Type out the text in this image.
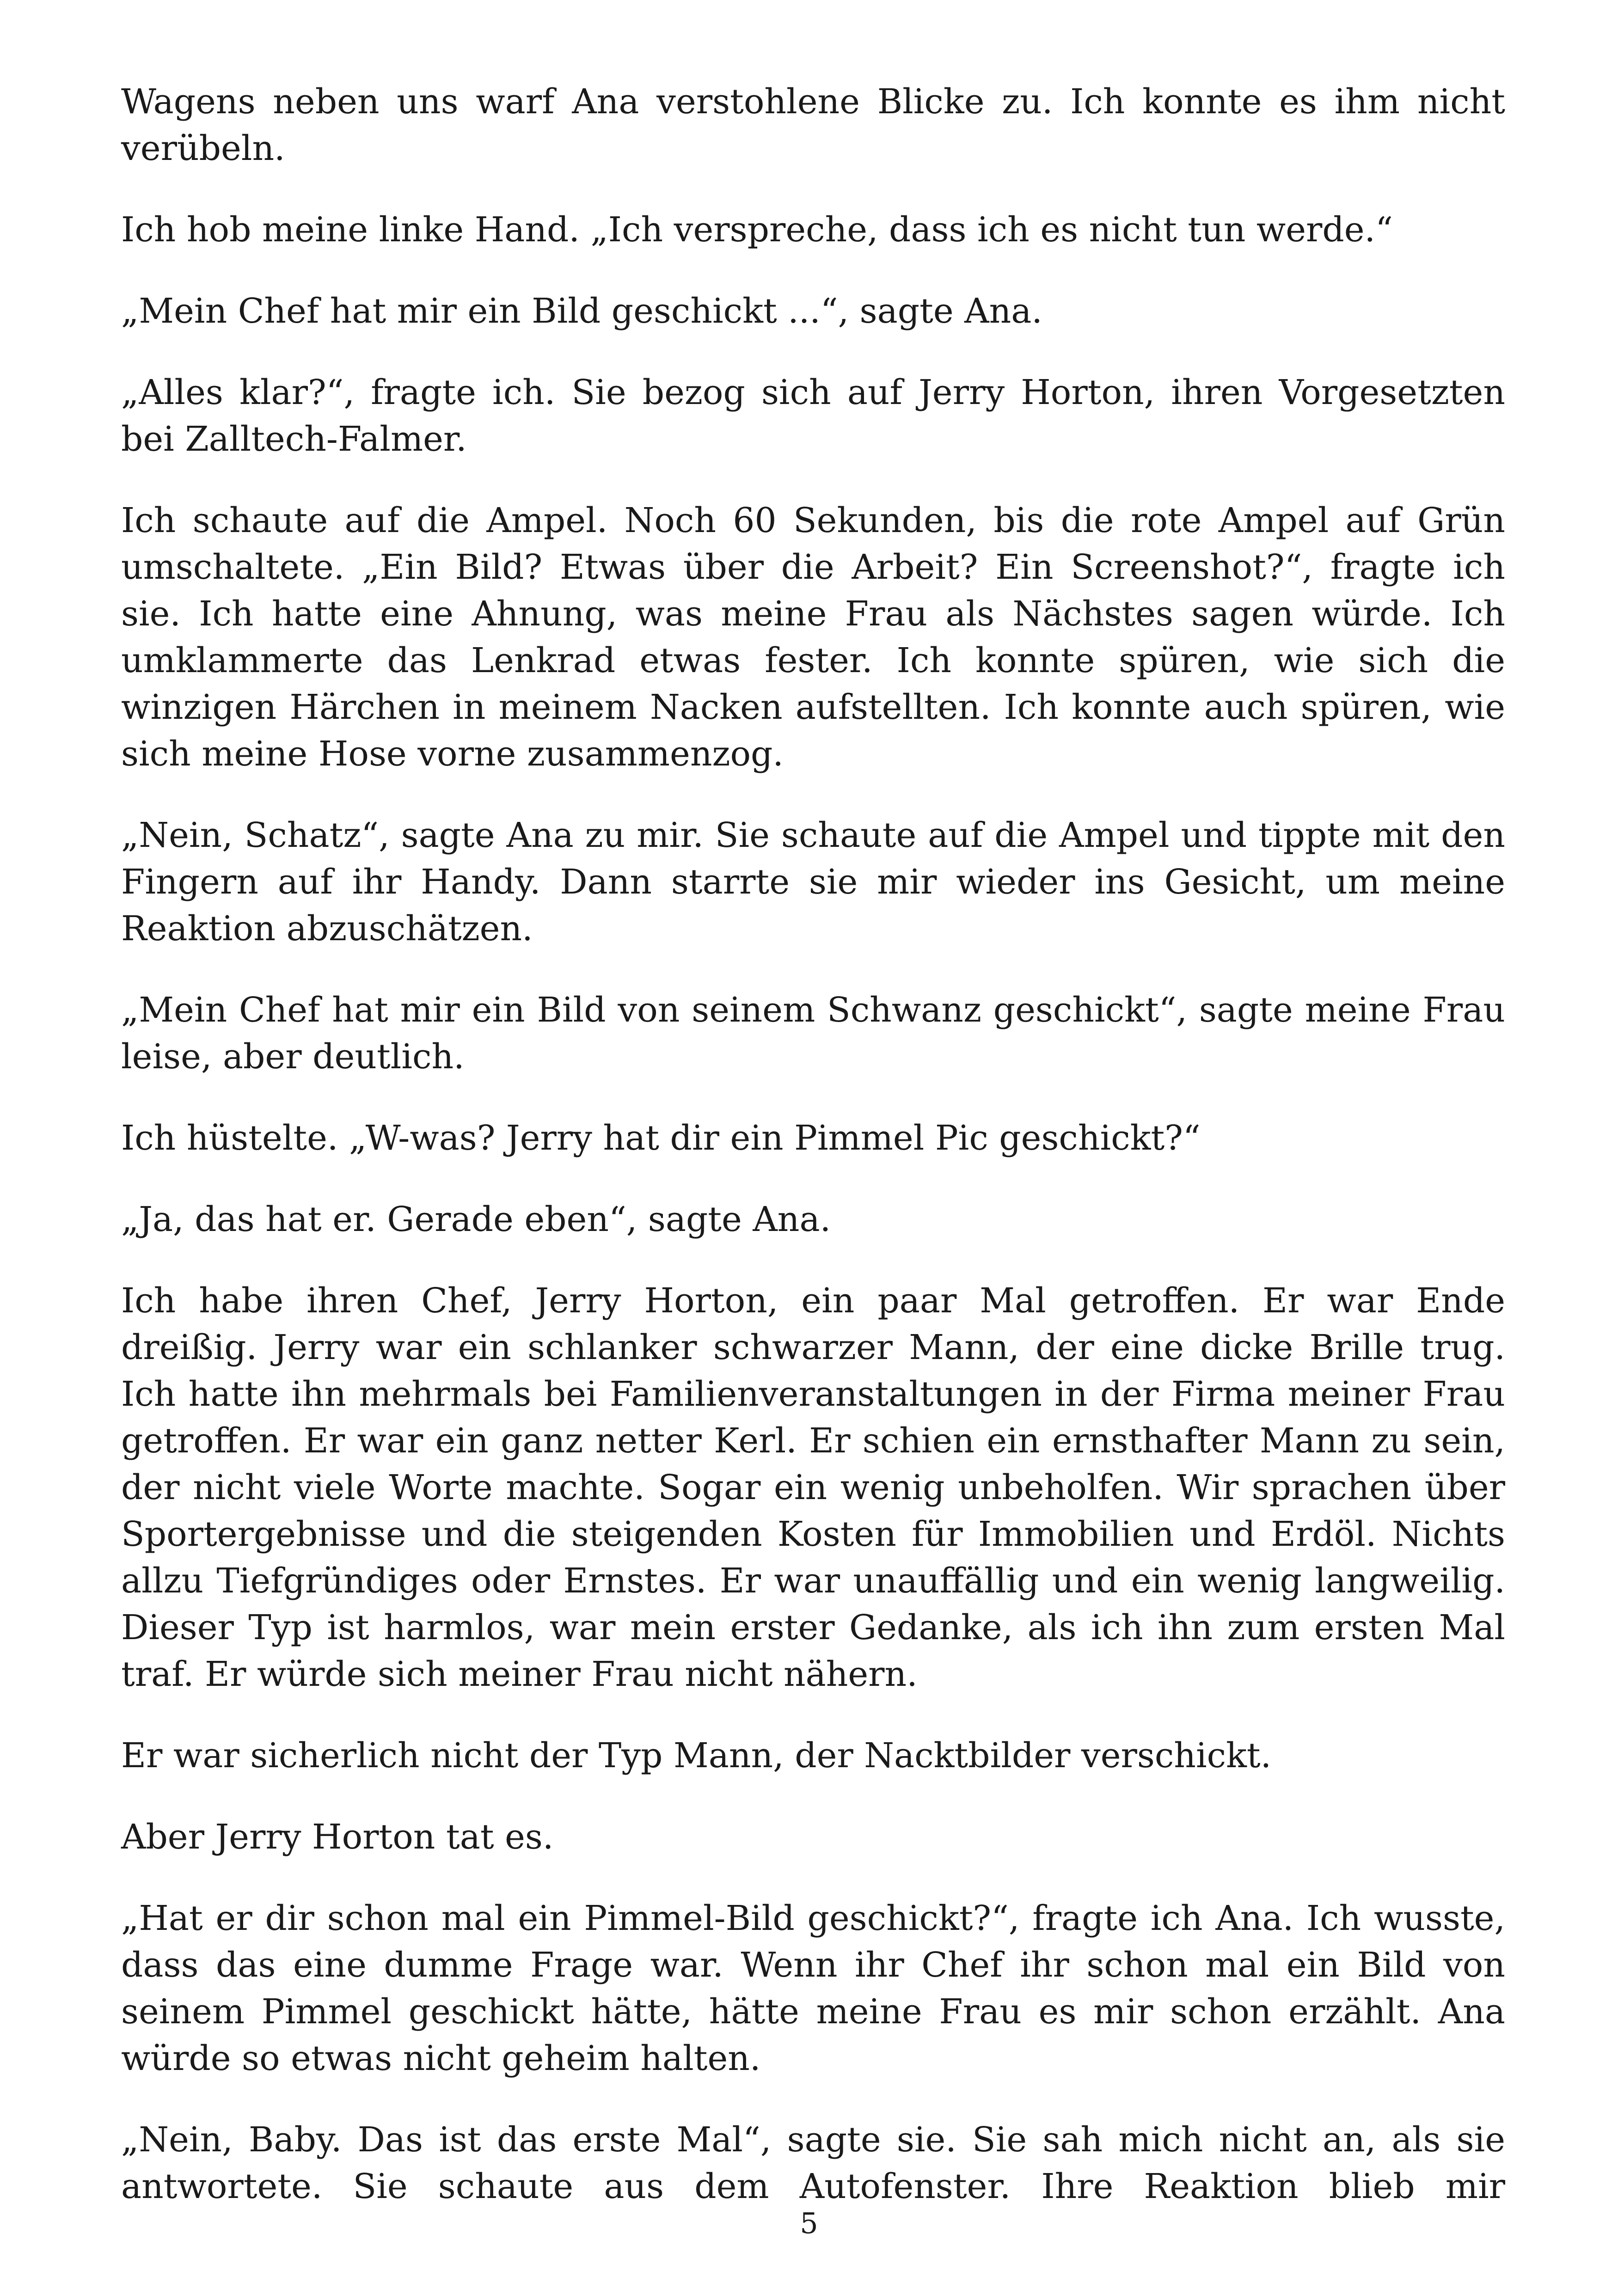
Wagens neben uns warf Ana verstohlene Blicke zu. Ich konnte es ihm nicht verübeln.

Ich hob meine linke Hand. „Ich verspreche, dass ich es nicht tun werde.“

„Mein Chef hat mir ein Bild geschickt ...“, sagte Ana.

„Alles klar?“, fragte ich. Sie bezog sich auf Jerry Horton, ihren Vorgesetzten bei Zalltech-Falmer.

Ich schaute auf die Ampel. Noch 60 Sekunden, bis die rote Ampel auf Grün umschaltete. „Ein Bild? Etwas über die Arbeit? Ein Screenshot?“, fragte ich sie. Ich hatte eine Ahnung, was meine Frau als Nächstes sagen würde. Ich umklammerte das Lenkrad etwas fester. Ich konnte spüren, wie sich die winzigen Härchen in meinem Nacken aufstellten. Ich konnte auch spüren, wie sich meine Hose vorne zusammenzog.

„Nein, Schatz“, sagte Ana zu mir. Sie schaute auf die Ampel und tippte mit den Fingern auf ihr Handy. Dann starrte sie mir wieder ins Gesicht, um meine Reaktion abzuschätzen.

„Mein Chef hat mir ein Bild von seinem Schwanz geschickt“, sagte meine Frau leise, aber deutlich.

Ich hüstelte. „W-was? Jerry hat dir ein Pimmel Pic geschickt?“

„Ja, das hat er. Gerade eben“, sagte Ana.

Ich habe ihren Chef, Jerry Horton, ein paar Mal getroffen. Er war Ende dreißig. Jerry war ein schlanker schwarzer Mann, der eine dicke Brille trug. Ich hatte ihn mehrmals bei Familienveranstaltungen in der Firma meiner Frau getroffen. Er war ein ganz netter Kerl. Er schien ein ernsthafter Mann zu sein, der nicht viele Worte machte. Sogar ein wenig unbeholfen. Wir sprachen über Sportergebnisse und die steigenden Kosten für Immobilien und Erdöl. Nichts allzu Tiefgründiges oder Ernstes. Er war unauffällig und ein wenig langweilig. Dieser Typ ist harmlos, war mein erster Gedanke, als ich ihn zum ersten Mal traf. Er würde sich meiner Frau nicht nähern.

Er war sicherlich nicht der Typ Mann, der Nacktbilder verschickt.

Aber Jerry Horton tat es.

„Hat er dir schon mal ein Pimmel-Bild geschickt?“, fragte ich Ana. Ich wusste, dass das eine dumme Frage war. Wenn ihr Chef ihr schon mal ein Bild von seinem Pimmel geschickt hätte, hätte meine Frau es mir schon erzählt. Ana würde so etwas nicht geheim halten.

„Nein, Baby. Das ist das erste Mal“, sagte sie. Sie sah mich nicht an, als sie antwortete. Sie schaute aus dem Autofenster. Ihre Reaktion blieb mir

5
